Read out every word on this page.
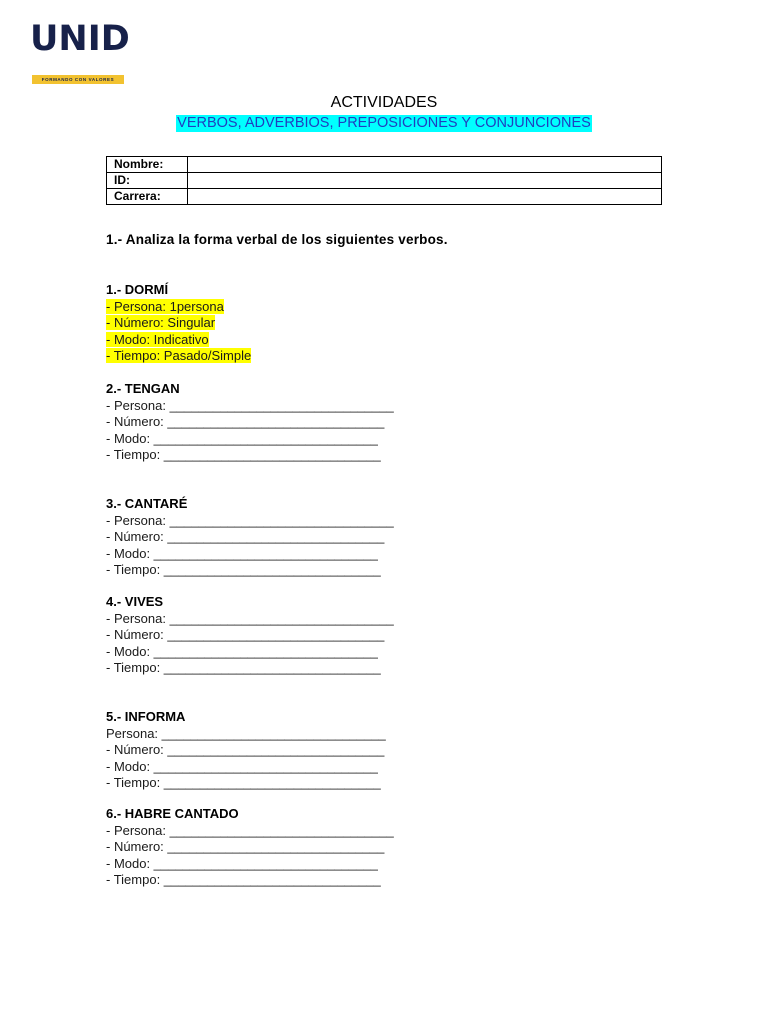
UNID
FORMANDO CON VALORES
ACTIVIDADES
VERBOS, ADVERBIOS, PREPOSICIONES Y CONJUNCIONES
Nombre:	
ID:	
Carrera:	
1.- Analiza la forma verbal de los siguientes verbos.
1.- DORMÍ
- Persona: 1persona
- Número: Singular
- Modo: Indicativo
- Tiempo: Pasado/Simple
2.- TENGAN
- Persona: _______________________________
- Número: ______________________________
- Modo: _______________________________
- Tiempo: ______________________________
3.- CANTARÉ
- Persona: _______________________________
- Número: ______________________________
- Modo: _______________________________
- Tiempo: ______________________________
4.- VIVES
- Persona: _______________________________
- Número: ______________________________
- Modo: _______________________________
- Tiempo: ______________________________
5.- INFORMA
Persona: _______________________________
- Número: ______________________________
- Modo: _______________________________
- Tiempo: ______________________________
6.- HABRE CANTADO
- Persona: _______________________________
- Número: ______________________________
- Modo: _______________________________
- Tiempo: ______________________________
